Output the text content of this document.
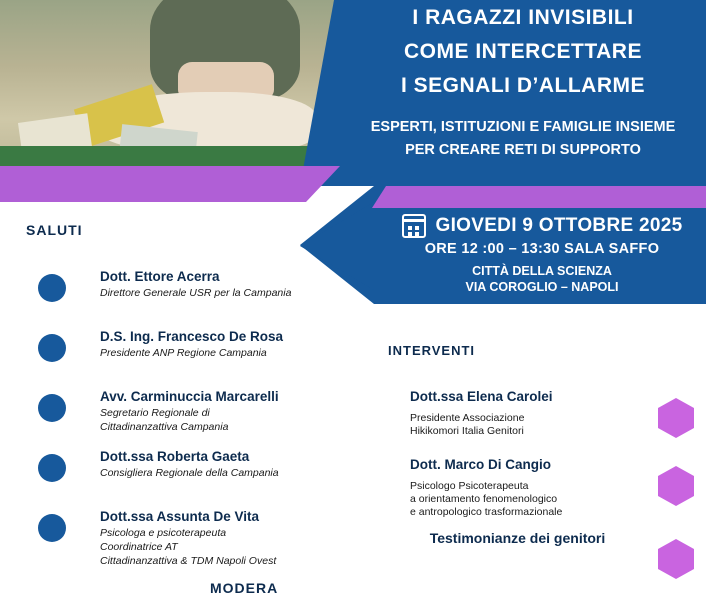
I RAGAZZI INVISIBILI
COME INTERCETTARE
I SEGNALI D’ALLARME
ESPERTI, ISTITUZIONI E FAMIGLIE INSIEME
PER CREARE RETI DI SUPPORTO
GIOVEDI 9 OTTOBRE 2025
ORE 12 :00 – 13:30 SALA SAFFO
CITTÀ DELLA SCIENZA
VIA COROGLIO – NAPOLI
SALUTI
Dott. Ettore Acerra
Direttore Generale USR per la Campania
D.S. Ing. Francesco De Rosa
Presidente ANP Regione Campania
Avv. Carminuccia Marcarelli
Segretario Regionale di
Cittadinanzattiva Campania
Dott.ssa Roberta Gaeta
Consigliera Regionale della Campania
Dott.ssa Assunta De Vita
Psicologa e psicoterapeuta
Coordinatrice AT
Cittadinanzattiva & TDM Napoli Ovest
MODERA
INTERVENTI
Dott.ssa Elena Carolei
Presidente Associazione
Hikikomori Italia Genitori
Dott. Marco Di Cangio
Psicologo Psicoterapeuta
a orientamento fenomenologico
e antropologico trasformazionale
Testimonianze dei genitori
